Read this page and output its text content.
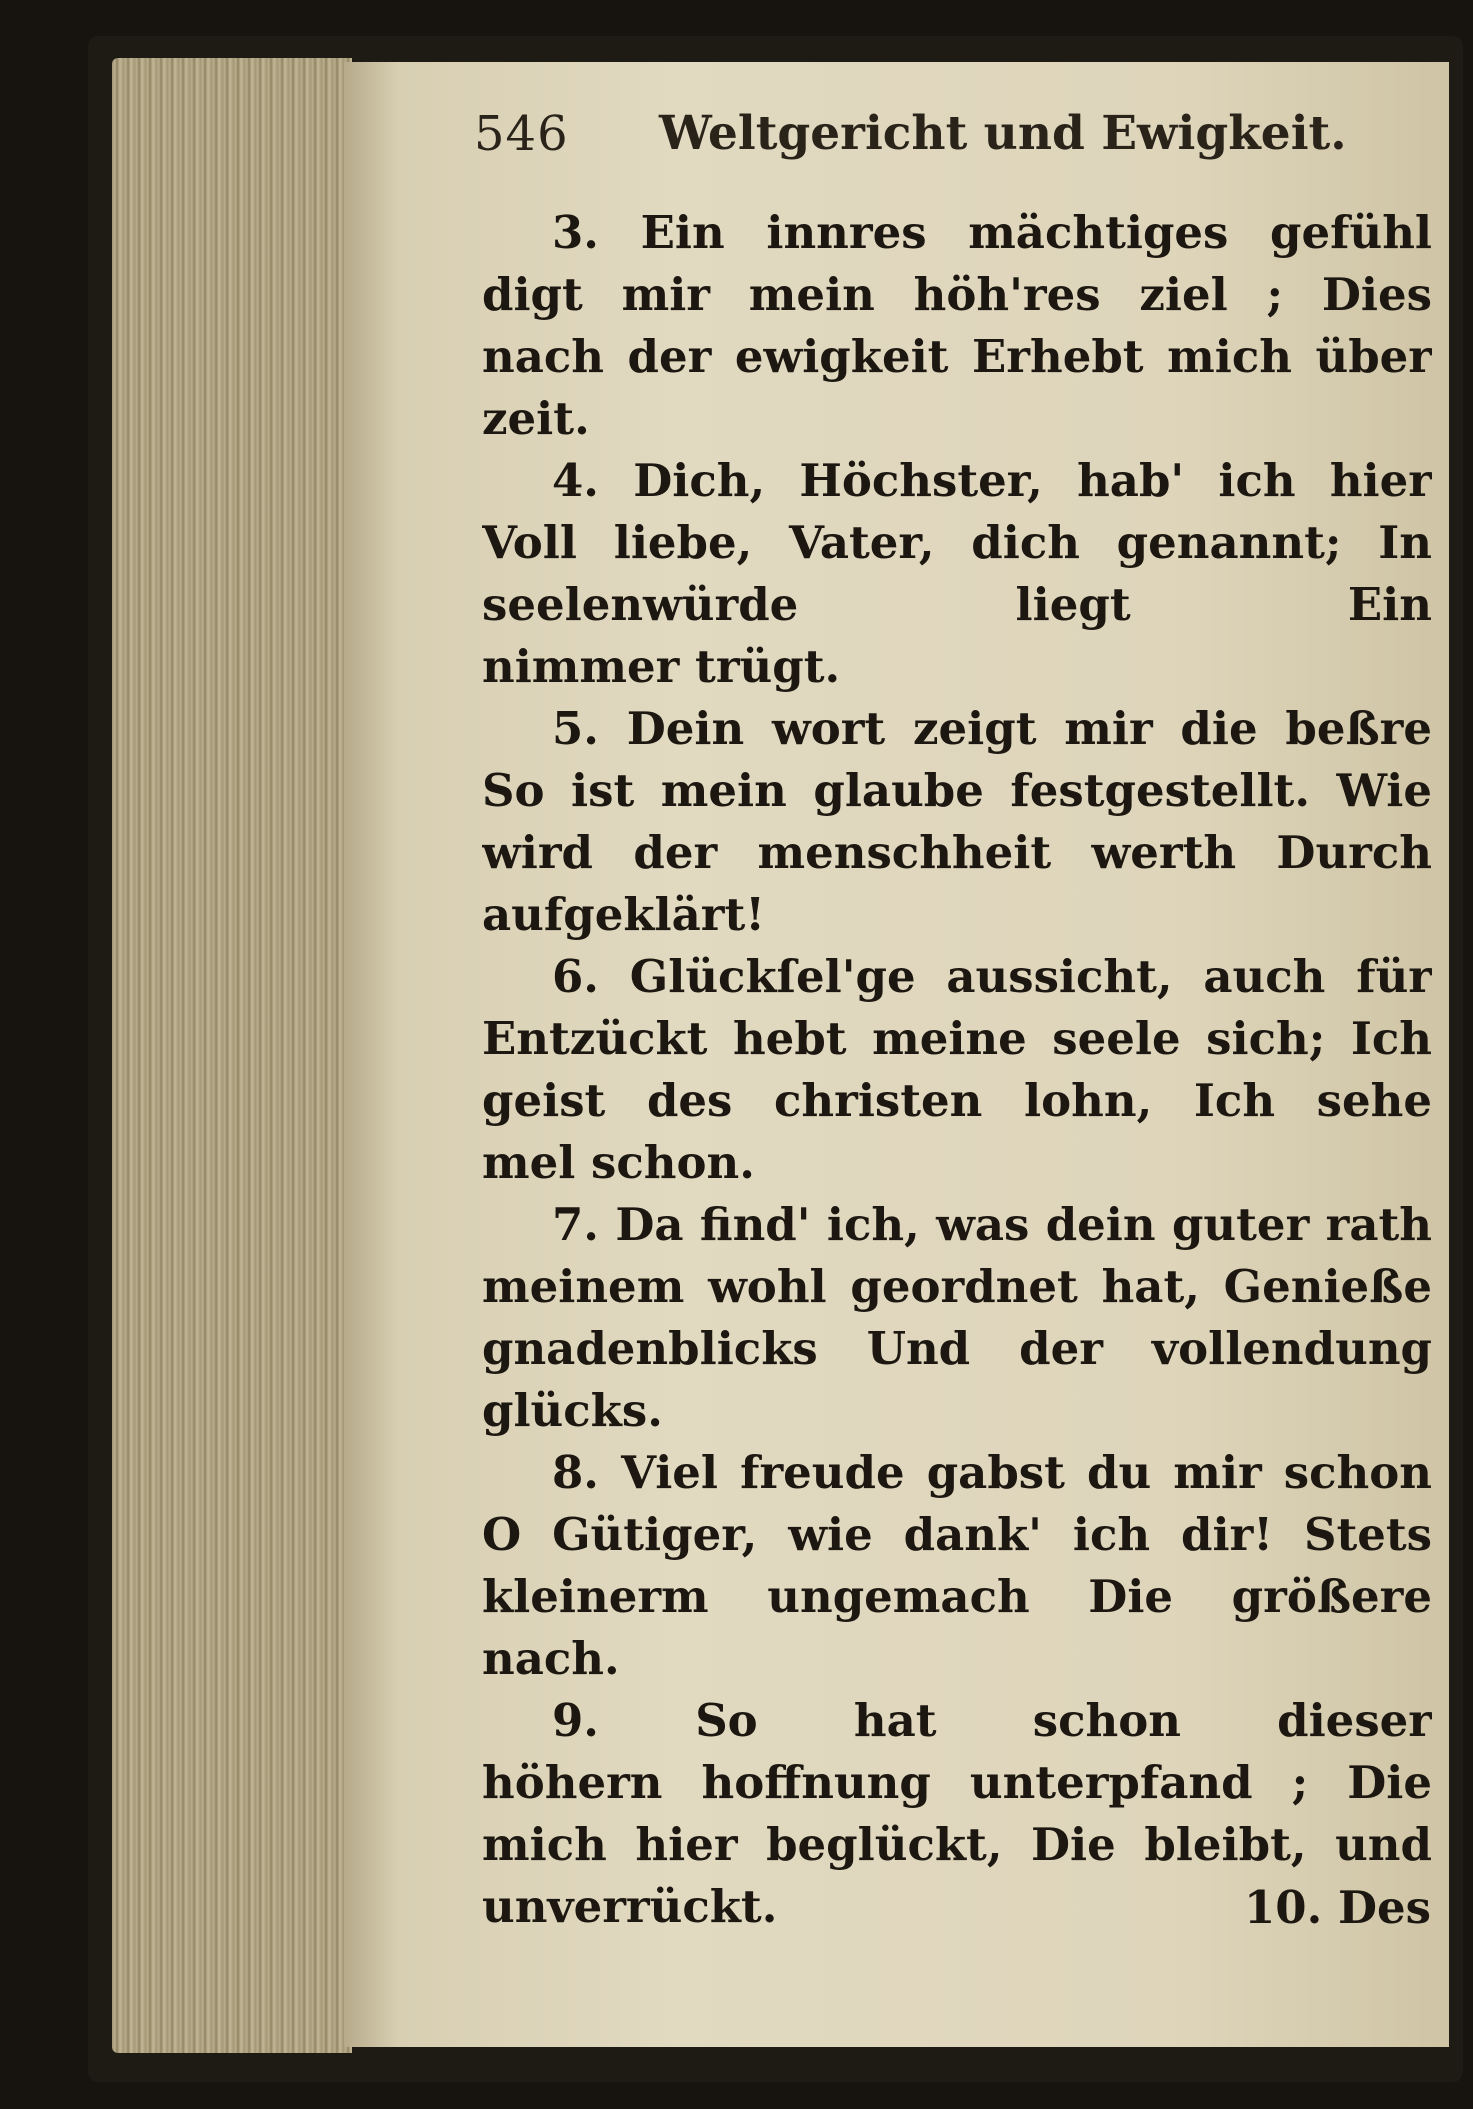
546 Weltgericht und Ewigkeit.
3. Ein innres mächtiges gefühl
digt mir mein höh'res ziel ; Dies
nach der ewigkeit Erhebt mich über
zeit.
4. Dich, Höchster, hab' ich hier
Voll liebe, Vater, dich genannt; In
seelenwürde liegt Ein
nimmer trügt.
5. Dein wort zeigt mir die beßre
So ist mein glaube festgestellt. Wie
wird der menschheit werth Durch
aufgeklärt!
6. Glückſel'ge aussicht, auch für
Entzückt hebt meine seele sich; Ich
geist des christen lohn, Ich sehe
mel schon.
7. Da find' ich, was dein guter rath
meinem wohl geordnet hat, Genieße
gnadenblicks Und der vollendung
glücks.
8. Viel freude gabst du mir schon
O Gütiger, wie dank' ich dir! Stets
kleinerm ungemach Die größere
nach.
9. So hat schon dieser
höhern hoffnung unterpfand ; Die
mich hier beglückt, Die bleibt, und
unverrückt.	10. Des
